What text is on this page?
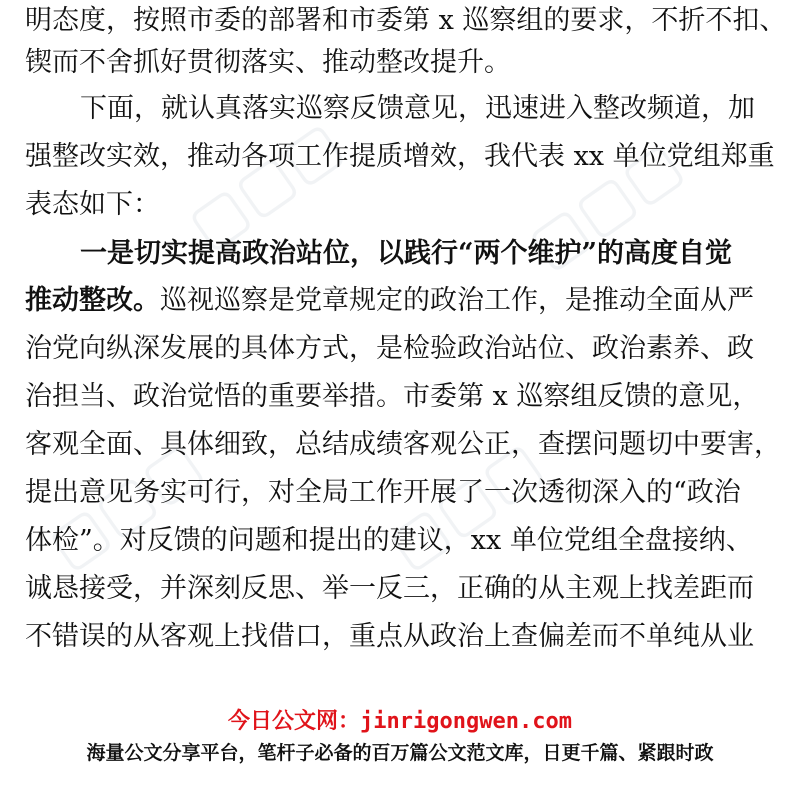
▢▢▢	▢▢▢
▢▢▢	▢▢▢
明态度，按照市委的部署和市委第 x 巡察组的要求，不折不扣、
锲而不舍抓好贯彻落实、推动整改提升。
下面，就认真落实巡察反馈意见，迅速进入整改频道，加
强整改实效，推动各项工作提质增效，我代表 xx 单位党组郑重
表态如下：
一是切实提高政治站位，以践行“两个维护”的高度自觉
推动整改。巡视巡察是党章规定的政治工作，是推动全面从严
治党向纵深发展的具体方式，是检验政治站位、政治素养、政
治担当、政治觉悟的重要举措。市委第 x 巡察组反馈的意见，
客观全面、具体细致，总结成绩客观公正，查摆问题切中要害，
提出意见务实可行，对全局工作开展了一次透彻深入的“政治
体检”。对反馈的问题和提出的建议，xx 单位党组全盘接纳、
诚恳接受，并深刻反思、举一反三，正确的从主观上找差距而
不错误的从客观上找借口，重点从政治上查偏差而不单纯从业
今日公文网：jinrigongwen.com
海量公文分享平台，笔杆子必备的百万篇公文范文库，日更千篇、紧跟时政
